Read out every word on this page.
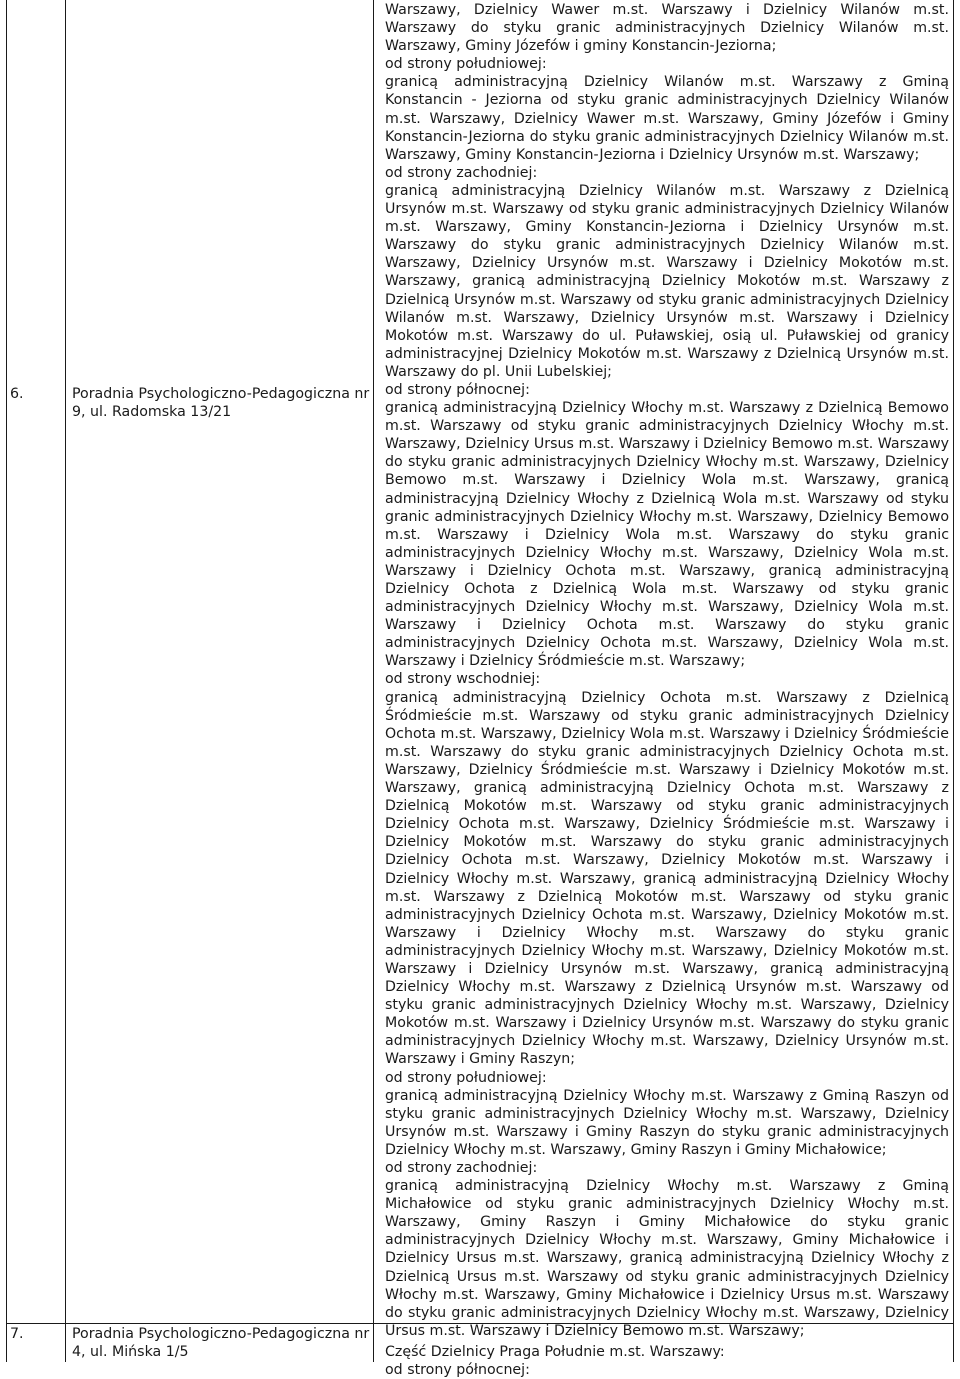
6.	Poradnia Psychologiczno-Pedagogiczna nr 9, ul. Radomska 13/21
7.	Poradnia Psychologiczno-Pedagogiczna nr 4, ul. Mińska 1/5

Warszawy, Dzielnicy Wawer m.st. Warszawy i Dzielnicy Wilanów m.st. Warszawy do styku granic administracyjnych Dzielnicy Wilanów m.st. Warszawy, Gminy Józefów i gminy Konstancin-Jeziorna;

od strony południowej:

granicą administracyjną Dzielnicy Wilanów m.st. Warszawy z Gminą Konstancin - Jeziorna od styku granic administracyjnych Dzielnicy Wilanów m.st. Warszawy, Dzielnicy Wawer m.st. Warszawy, Gminy Józefów i Gminy Konstancin-Jeziorna do styku granic administracyjnych Dzielnicy Wilanów m.st. Warszawy, Gminy Konstancin-Jeziorna i Dzielnicy Ursynów m.st. Warszawy;

od strony zachodniej:

granicą administracyjną Dzielnicy Wilanów m.st. Warszawy z Dzielnicą Ursynów m.st. Warszawy od styku granic administracyjnych Dzielnicy Wilanów m.st. Warszawy, Gminy Konstancin-Jeziorna i Dzielnicy Ursynów m.st. Warszawy do styku granic administracyjnych Dzielnicy Wilanów m.st. Warszawy, Dzielnicy Ursynów m.st. Warszawy i Dzielnicy Mokotów m.st. Warszawy, granicą administracyjną Dzielnicy Mokotów m.st. Warszawy z Dzielnicą Ursynów m.st. Warszawy od styku granic administracyjnych Dzielnicy Wilanów m.st. Warszawy, Dzielnicy Ursynów m.st. Warszawy i Dzielnicy Mokotów m.st. Warszawy do ul. Puławskiej, osią ul. Puławskiej od granicy administracyjnej Dzielnicy Mokotów m.st. Warszawy z Dzielnicą Ursynów m.st. Warszawy do pl. Unii Lubelskiej;

od strony północnej:

granicą administracyjną Dzielnicy Włochy m.st. Warszawy z Dzielnicą Bemowo m.st. Warszawy od styku granic administracyjnych Dzielnicy Włochy m.st. Warszawy, Dzielnicy Ursus m.st. Warszawy i Dzielnicy Bemowo m.st. Warszawy do styku granic administracyjnych Dzielnicy Włochy m.st. Warszawy, Dzielnicy Bemowo m.st. Warszawy i Dzielnicy Wola m.st. Warszawy, granicą administracyjną Dzielnicy Włochy z Dzielnicą Wola m.st. Warszawy od styku granic administracyjnych Dzielnicy Włochy m.st. Warszawy, Dzielnicy Bemowo m.st. Warszawy i Dzielnicy Wola m.st. Warszawy do styku granic administracyjnych Dzielnicy Włochy m.st. Warszawy, Dzielnicy Wola m.st. Warszawy i Dzielnicy Ochota m.st. Warszawy, granicą administracyjną Dzielnicy Ochota z Dzielnicą Wola m.st. Warszawy od styku granic administracyjnych Dzielnicy Włochy m.st. Warszawy, Dzielnicy Wola m.st. Warszawy i Dzielnicy Ochota m.st. Warszawy do styku granic administracyjnych Dzielnicy Ochota m.st. Warszawy, Dzielnicy Wola m.st. Warszawy i Dzielnicy Śródmieście m.st. Warszawy;

od strony wschodniej:

granicą administracyjną Dzielnicy Ochota m.st. Warszawy z Dzielnicą Śródmieście m.st. Warszawy od styku granic administracyjnych Dzielnicy Ochota m.st. Warszawy, Dzielnicy Wola m.st. Warszawy i Dzielnicy Śródmieście m.st. Warszawy do styku granic administracyjnych Dzielnicy Ochota m.st. Warszawy, Dzielnicy Śródmieście m.st. Warszawy i Dzielnicy Mokotów m.st. Warszawy, granicą administracyjną Dzielnicy Ochota m.st. Warszawy z Dzielnicą Mokotów m.st. Warszawy od styku granic administracyjnych Dzielnicy Ochota m.st. Warszawy, Dzielnicy Śródmieście m.st. Warszawy i Dzielnicy Mokotów m.st. Warszawy do styku granic administracyjnych Dzielnicy Ochota m.st. Warszawy, Dzielnicy Mokotów m.st. Warszawy i Dzielnicy Włochy m.st. Warszawy, granicą administracyjną Dzielnicy Włochy m.st. Warszawy z Dzielnicą Mokotów m.st. Warszawy od styku granic administracyjnych Dzielnicy Ochota m.st. Warszawy, Dzielnicy Mokotów m.st. Warszawy i Dzielnicy Włochy m.st. Warszawy do styku granic administracyjnych Dzielnicy Włochy m.st. Warszawy, Dzielnicy Mokotów m.st. Warszawy i Dzielnicy Ursynów m.st. Warszawy, granicą administracyjną Dzielnicy Włochy m.st. Warszawy z Dzielnicą Ursynów m.st. Warszawy od styku granic administracyjnych Dzielnicy Włochy m.st. Warszawy, Dzielnicy Mokotów m.st. Warszawy i Dzielnicy Ursynów m.st. Warszawy do styku granic administracyjnych Dzielnicy Włochy m.st. Warszawy, Dzielnicy Ursynów m.st. Warszawy i Gminy Raszyn;

od strony południowej:

granicą administracyjną Dzielnicy Włochy m.st. Warszawy z Gminą Raszyn od styku granic administracyjnych Dzielnicy Włochy m.st. Warszawy, Dzielnicy Ursynów m.st. Warszawy i Gminy Raszyn do styku granic administracyjnych Dzielnicy Włochy m.st. Warszawy, Gminy Raszyn i Gminy Michałowice;

od strony zachodniej:

granicą administracyjną Dzielnicy Włochy m.st. Warszawy z Gminą Michałowice od styku granic administracyjnych Dzielnicy Włochy m.st. Warszawy, Gminy Raszyn i Gminy Michałowice do styku granic administracyjnych Dzielnicy Włochy m.st. Warszawy, Gminy Michałowice i Dzielnicy Ursus m.st. Warszawy, granicą administracyjną Dzielnicy Włochy z Dzielnicą Ursus m.st. Warszawy od styku granic administracyjnych Dzielnicy Włochy m.st. Warszawy, Gminy Michałowice i Dzielnicy Ursus m.st. Warszawy do styku granic administracyjnych Dzielnicy Włochy m.st. Warszawy, Dzielnicy Ursus m.st. Warszawy i Dzielnicy Bemowo m.st. Warszawy;

Część Dzielnicy Praga Południe m.st. Warszawy:

od strony północnej:
